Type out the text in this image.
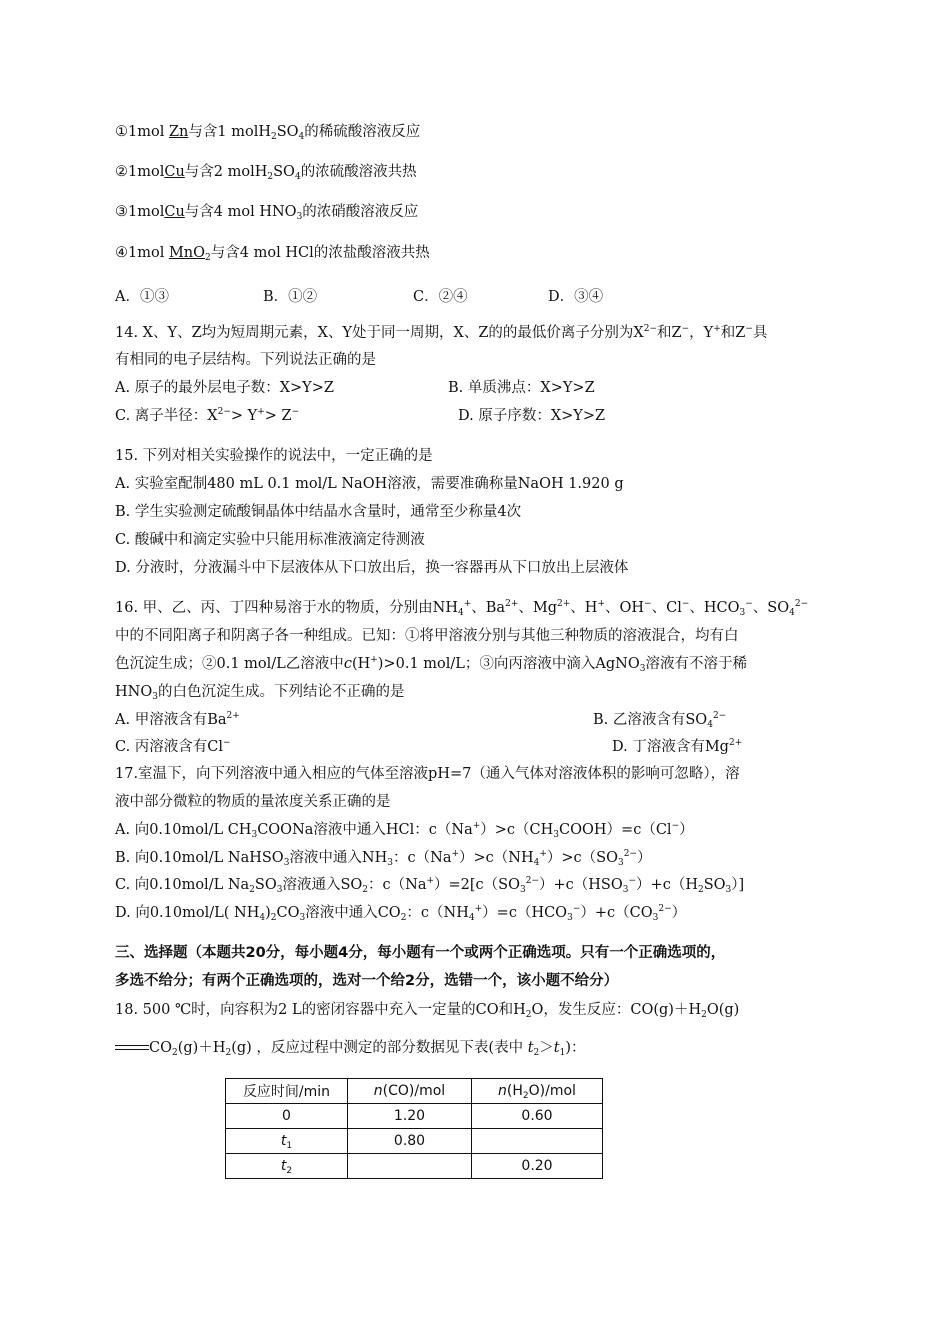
①1mol Zn与含1 $molH_2SO_4$的稀硫酸溶液反应
②1molCu与含2 $molH_2SO_4$的浓硫酸溶液共热
③1molCu与含4 mol $HNO_3$的浓硝酸溶液反应
④1mol MnO$_2$与含4 mol HCl的浓盐酸溶液共热
A．①③	B．①②	C．②④	D．③④
14. X、Y、Z均为短周期元素，X、Y处于同一周期，X、Z的的最低价离子分别为$X^{2-}$和Z−，Y+和Z−具
有相同的电子层结构。下列说法正确的是
A. 原子的最外层电子数：X>Y>Z	B. 单质沸点：X>Y>Z
C. 离子半径：$X^{2-}> Y^+> Z^-$	D. 原子序数：X>Y>Z
15. 下列对相关实验操作的说法中，一定正确的是
A. 实验室配制480 mL 0.1 mol/L NaOH溶液，需要准确称量NaOH 1.920 g
B. 学生实验测定硫酸铜晶体中结晶水含量时，通常至少称量4次
C. 酸碱中和滴定实验中只能用标准液滴定待测液
D. 分液时，分液漏斗中下层液体从下口放出后，换一容器再从下口放出上层液体
16. 甲、乙、丙、丁四种易溶于水的物质，分别由$NH_4^+$、$Ba^{2+}$、$Mg^{2+}$、H+、OH−、Cl−、$HCO_3^-$、$SO_4^{2-}$
中的不同阳离子和阴离子各一种组成。已知：①将甲溶液分别与其他三种物质的溶液混合，均有白
色沉淀生成；②0.1 mol/L乙溶液中c(H+)>0.1 mol/L；③向丙溶液中滴入AgNO$_3$溶液有不溶于稀
$HNO_3$的白色沉淀生成。下列结论不正确的是
A. 甲溶液含有$Ba^{2+}$	B. 乙溶液含有$SO_4^{2-}$
C. 丙溶液含有Cl−	D. 丁溶液含有$Mg^{2+}$
17.室温下，向下列溶液中通入相应的气体至溶液pH=7（通入气体对溶液体积的影响可忽略），溶
液中部分微粒的物质的量浓度关系正确的是
A. 向0.10mol/L $CH_3COONa$溶液中通入HCl：$c(Na^+)>c(CH_3COOH)=c(Cl^-)$
B. 向0.10mol/L NaHSO$_3$溶液中通入$NH_3$：$c(Na^+)>c(NH_4^+)>c(SO_3^{2-})$
C. 向0.10mol/L $Na_2SO_3$溶液通入$SO_2$：$c(Na^+)=2[c(SO_3^{2-})+c(HSO_3^-)+c(H_2SO_3)]$
D. 向0.10mol/L( $NH_4)_2CO_3$溶液中通入$CO_2$：$c(NH_4^+)=c(HCO_3^-)+c(CO_3^{2-})$
三、选择题（本题共20分，每小题4分，每小题有一个或两个正确选项。只有一个正确选项的，
多选不给分；有两个正确选项的，选对一个给2分，选错一个，该小题不给分）
18. 500 ℃时，向容积为2 L的密闭容器中充入一定量的CO和$H_2O$，发生反应：$CO(g)+H_2O(g)$
$CO_2(g)+H_2(g)$ ，反应过程中测定的部分数据见下表(表中 $t_2>t_1$)：
反应时间/min	n(CO)/mol	$n(H_2O)$/mol
0	1.20	0.60
$t_1$	0.80	
$t_2$		0.20
